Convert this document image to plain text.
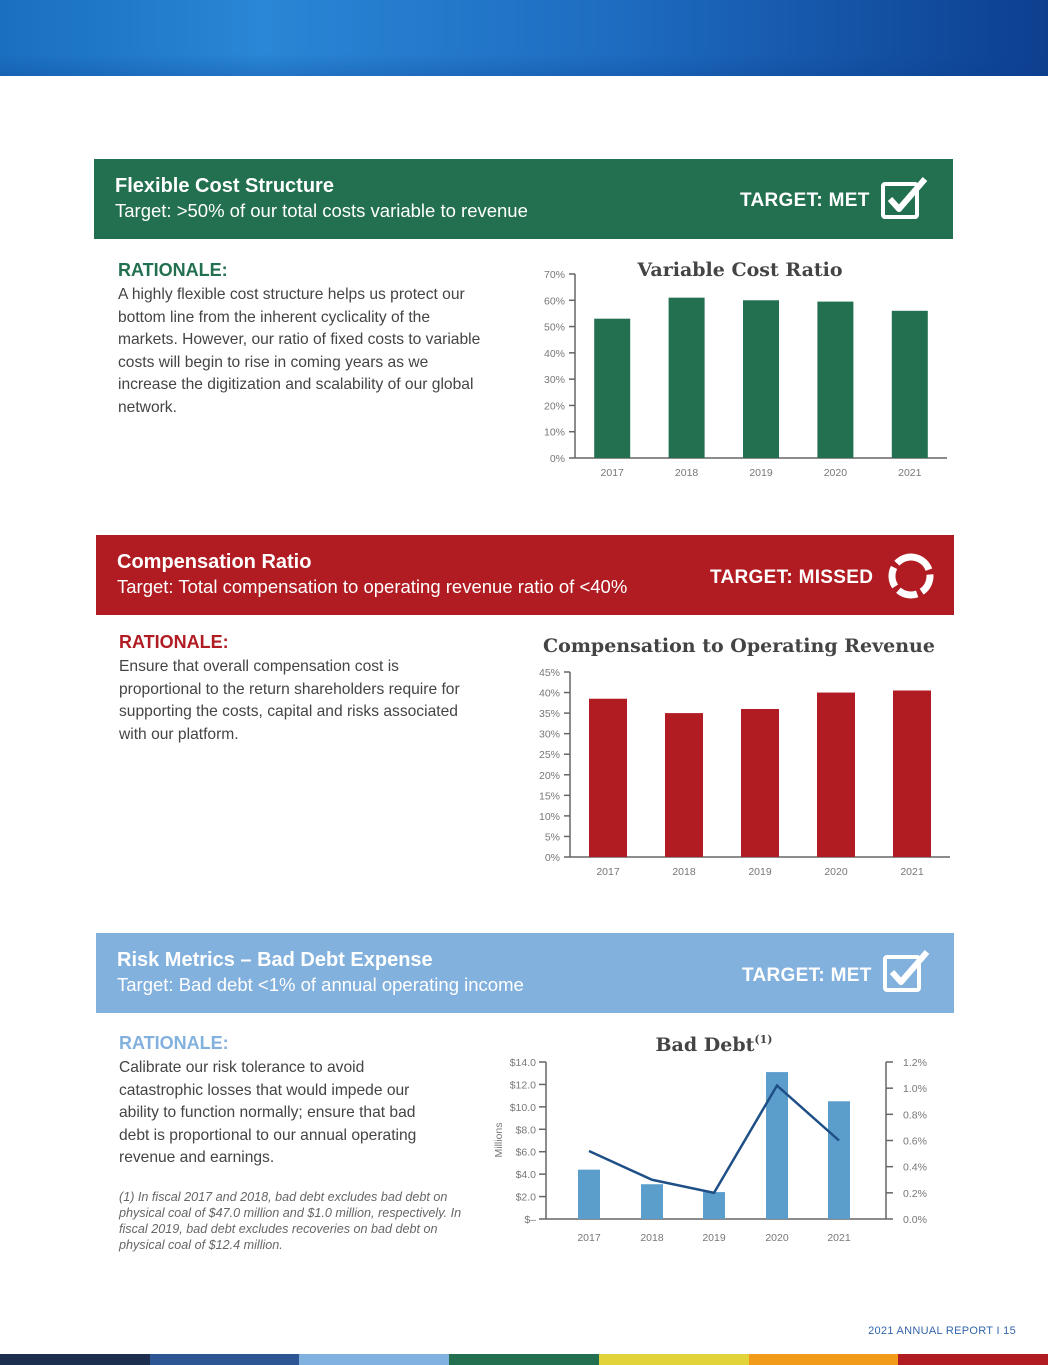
Flexible Cost Structure
Target: >50% of our total costs variable to revenue	TARGET: MET
RATIONALE:
A highly flexible cost structure helps us protect our bottom line from the inherent cyclicality of the markets. However, our ratio of fixed costs to variable costs will begin to rise in coming years as we increase the digitization and scalability of our global network.
Variable Cost Ratio
0%
10%
20%
30%
40%
50%
60%
70%
2017	2018	2019	2020	2021
Compensation Ratio
Target: Total compensation to operating revenue ratio of <40%	TARGET: MISSED
RATIONALE:
Ensure that overall compensation cost is proportional to the return shareholders require for supporting the costs, capital and risks associated with our platform.
Compensation to Operating Revenue
0%
5%
10%
15%
20%
25%
30%
35%
40%
45%
2017	2018	2019	2020	2021
Risk Metrics – Bad Debt Expense
Target: Bad debt <1% of annual operating income	TARGET: MET
RATIONALE:
Calibrate our risk tolerance to avoid catastrophic losses that would impede our ability to function normally; ensure that bad debt is proportional to our annual operating revenue and earnings.
(1) In fiscal 2017 and 2018, bad debt excludes bad debt on physical coal of $47.0 million and $1.0 million, respectively. In fiscal 2019, bad debt excludes recoveries on bad debt on physical coal of $12.4 million.
Bad Debt$^{(1)}$
Millions
$–
$2.0
$4.0
$6.0
$8.0
$10.0
$12.0
$14.0
0.0%
0.2%
0.4%
0.6%
0.8%
1.0%
1.2%
2017	2018	2019	2020	2021
2021 ANNUAL REPORT I 15
